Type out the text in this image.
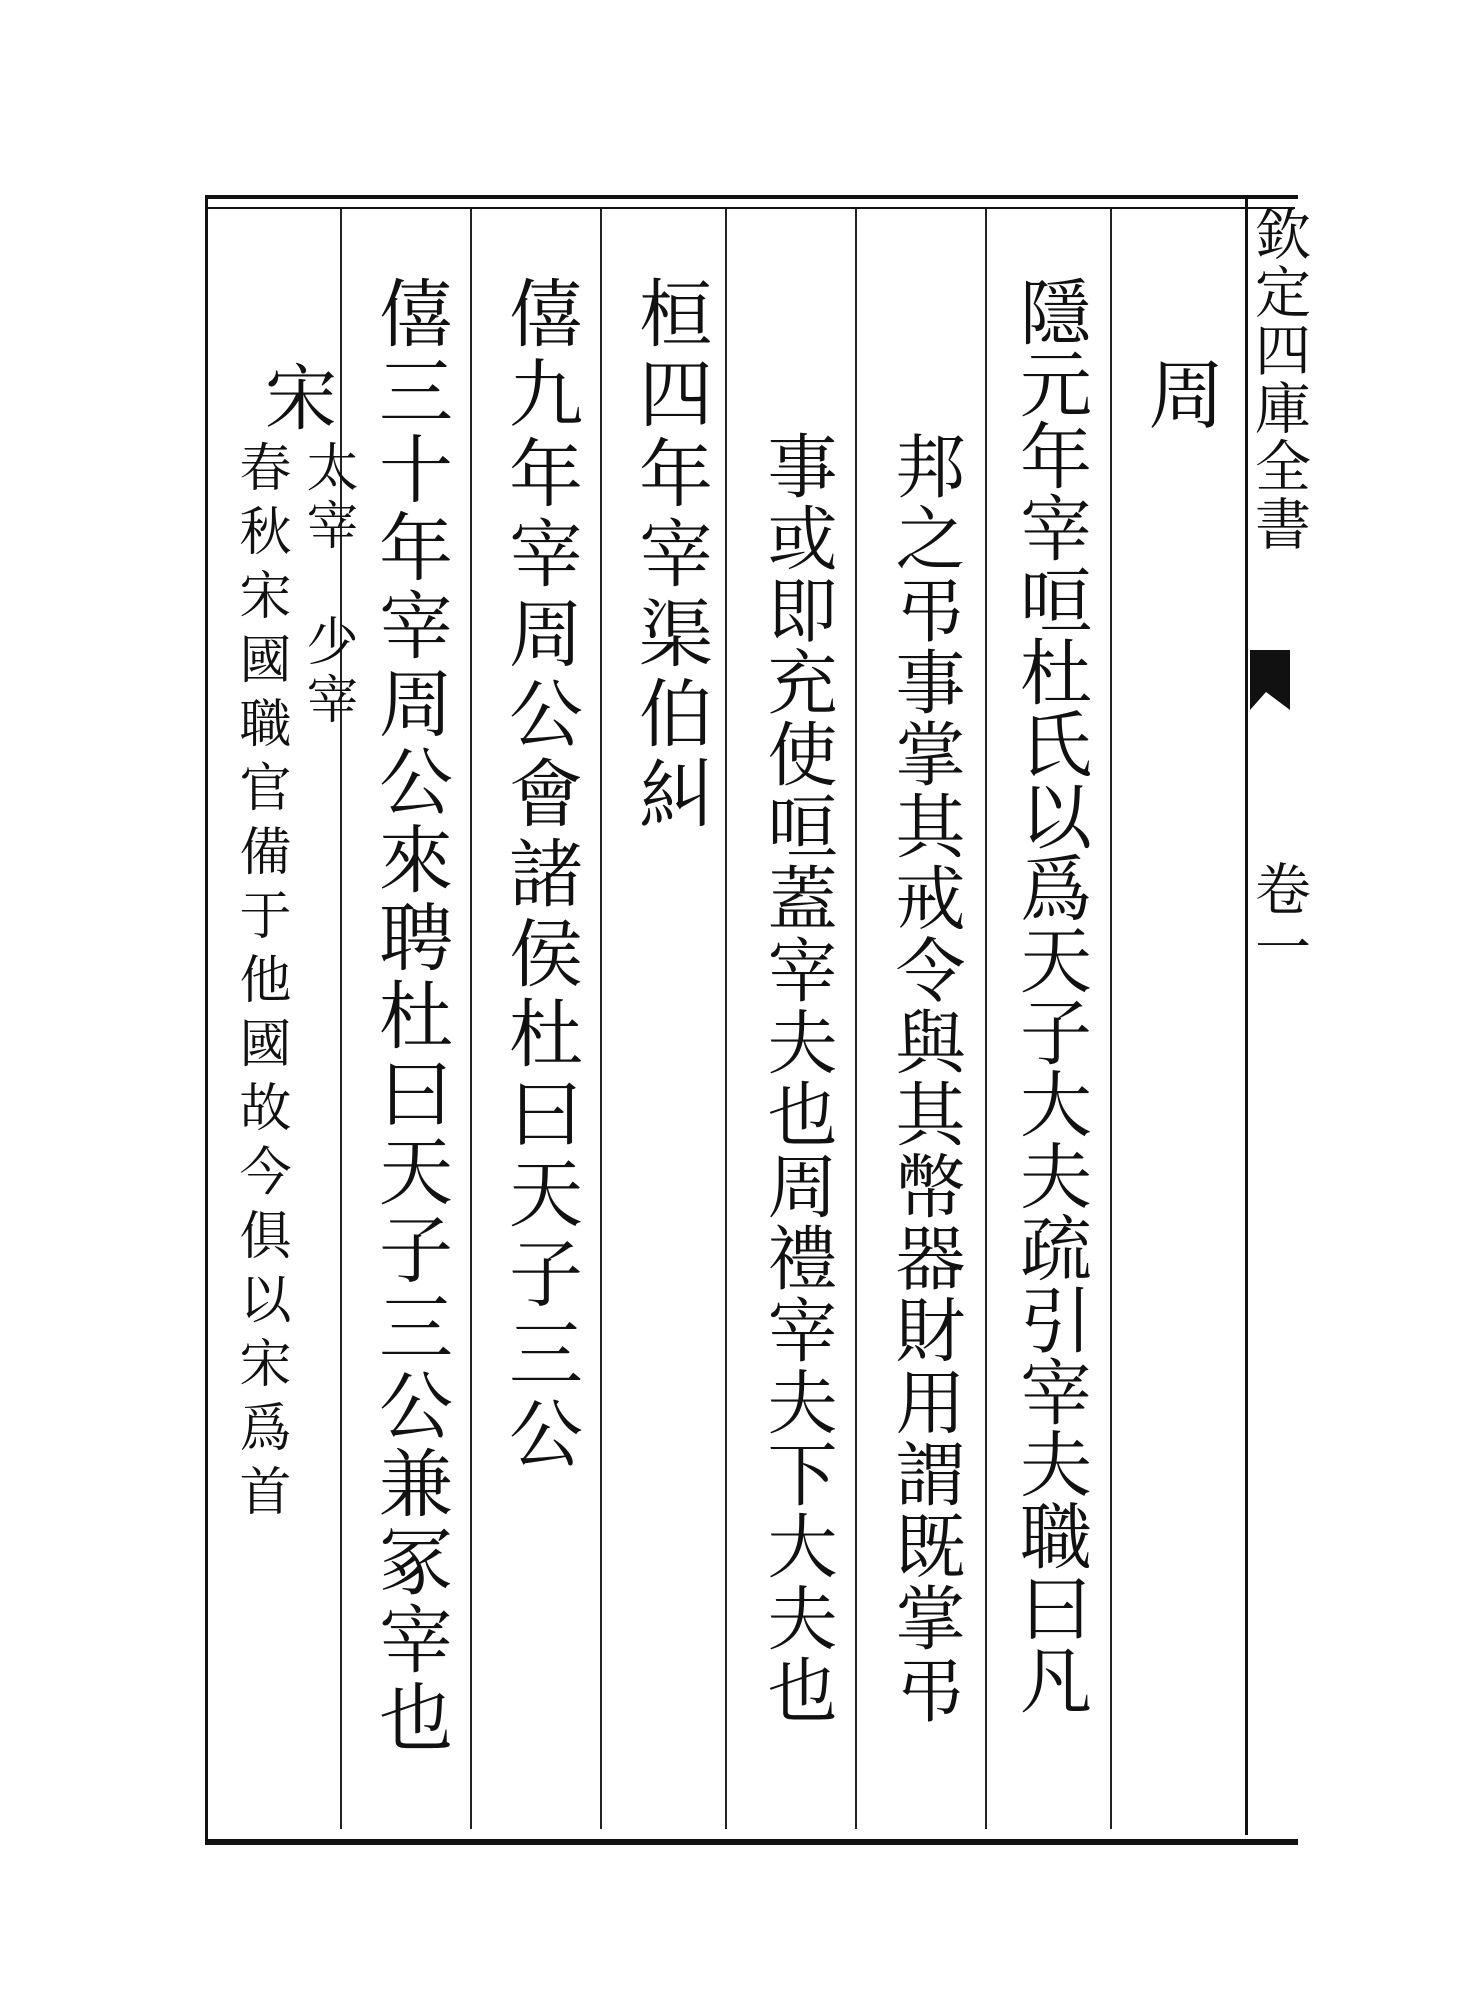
欽定四庫全書
卷一
周
隱元年宰咺杜氏以爲天子大夫疏引宰夫職曰凡
邦之弔事掌其戒令與其幣器財用謂既掌弔
事或即充使咺蓋宰夫也周禮宰夫下大夫也
桓四年宰渠伯糾
僖九年宰周公會諸侯杜曰天子三公
僖三十年宰周公來聘杜曰天子三公兼冢宰也
宋
太宰　少宰
春秋宋國職官備于他國故今俱以宋爲首
